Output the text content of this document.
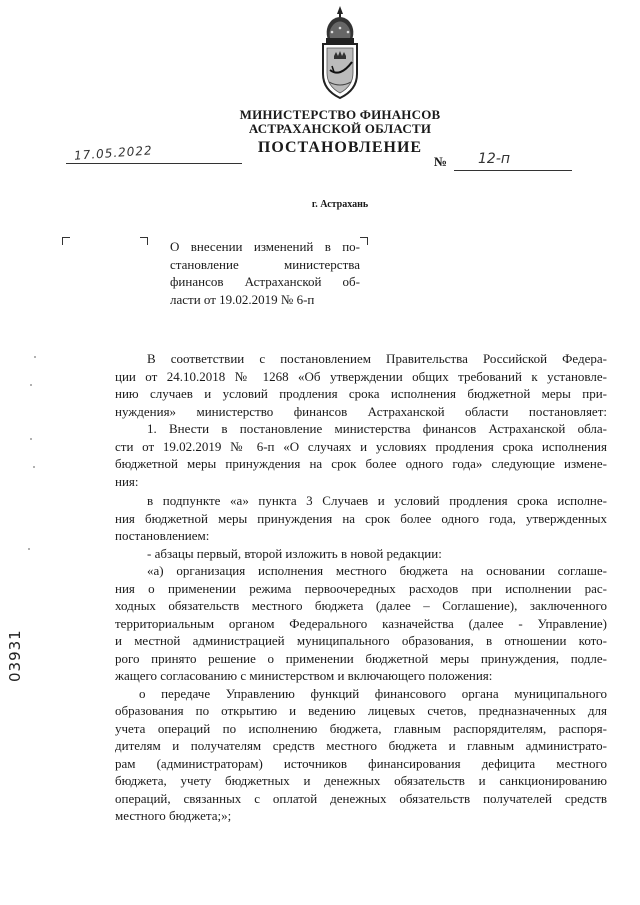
МИНИСТЕРСТВО ФИНАНСОВ
АСТРАХАНСКОЙ ОБЛАСТИ
ПОСТАНОВЛЕНИЕ
17.05.2022	№ 12-п
г. Астрахань
О внесении изменений в по-
становление министерства
финансов Астраханской об-
ласти от 19.02.2019 № 6-п
В соответствии с постановлением Правительства Российской Федера-
ции от 24.10.2018 № 1268 «Об утверждении общих требований к установле-
нию случаев и условий продления срока исполнения бюджетной меры при-
нуждения» министерство финансов Астраханской области постановляет:
1. Внести в постановление министерства финансов Астраханской обла-
сти от 19.02.2019 № 6-п «О случаях и условиях продления срока исполнения
бюджетной меры принуждения на срок более одного года» следующие измене-
ния:
в подпункте «а» пункта 3 Случаев и условий продления срока исполне-
ния бюджетной меры принуждения на срок более одного года, утвержденных
постановлением:
- абзацы первый, второй изложить в новой редакции:
«а) организация исполнения местного бюджета на основании соглаше-
ния о применении режима первоочередных расходов при исполнении рас-
ходных обязательств местного бюджета (далее – Соглашение), заключенного
территориальным органом Федерального казначейства (далее - Управление)
и местной администрацией муниципального образования, в отношении кото-
рого принято решение о применении бюджетной меры принуждения, подле-
жащего согласованию с министерством и включающего положения:
о передаче Управлению функций финансового органа муниципального
образования по открытию и ведению лицевых счетов, предназначенных для
учета операций по исполнению бюджета, главным распорядителям, распоря-
дителям и получателям средств местного бюджета и главным администрато-
рам (администраторам) источников финансирования дефицита местного
бюджета, учету бюджетных и денежных обязательств и санкционированию
операций, связанных с оплатой денежных обязательств получателей средств
местного бюджета;»;
03931
